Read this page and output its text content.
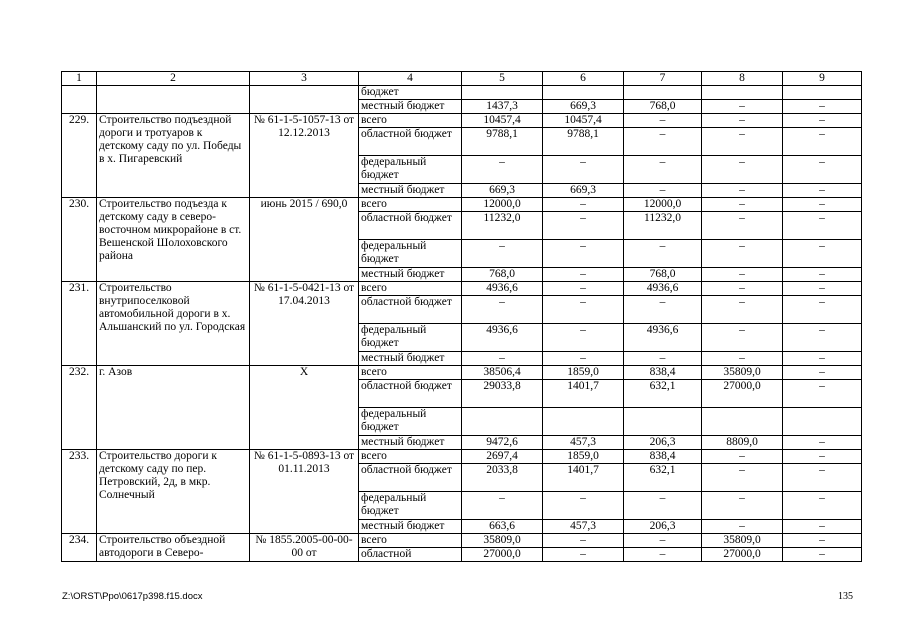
1	2	3	4	5	6	7	8	9
			бюджет					
			местный бюджет	1437,3	669,3	768,0	–	–
229.	Строительство подъездной дороги и тротуаров к детскому саду по ул. Победы в х. Пигаревский	№ 61-1-5-1057-13 от 12.12.2013	всего	10457,4	10457,4	–	–	–
			областной бюджет	9788,1	9788,1	–	–	–
			федеральный бюджет	–	–	–	–	–
			местный бюджет	669,3	669,3	–	–	–
230.	Строительство подъезда к детскому саду в северо-восточном микрорайоне в ст. Вешенской Шолоховского района	июнь 2015 / 690,0	всего	12000,0	–	12000,0	–	–
			областной бюджет	11232,0	–	11232,0	–	–
			федеральный бюджет	–	–	–	–	–
			местный бюджет	768,0	–	768,0	–	–
231.	Строительство внутрипоселковой автомобильной дороги в х. Альшанский по ул. Городская	№ 61-1-5-0421-13 от 17.04.2013	всего	4936,6	–	4936,6	–	–
			областной бюджет	–	–	–	–	–
			федеральный бюджет	4936,6	–	4936,6	–	–
			местный бюджет	–	–	–	–	–
232.	г. Азов	Х	всего	38506,4	1859,0	838,4	35809,0	–
			областной бюджет	29033,8	1401,7	632,1	27000,0	–
			федеральный бюджет					
			местный бюджет	9472,6	457,3	206,3	8809,0	–
233.	Строительство дороги к детскому саду по пер. Петровский, 2д, в мкр. Солнечный	№ 61-1-5-0893-13 от 01.11.2013	всего	2697,4	1859,0	838,4	–	–
			областной бюджет	2033,8	1401,7	632,1	–	–
			федеральный бюджет	–	–	–	–	–
			местный бюджет	663,6	457,3	206,3	–	–
234.	Строительство объездной автодороги в Северо-	№ 1855.2005-00-00-00 от	всего	35809,0	–	–	35809,0	–
			областной	27000,0	–	–	27000,0	–
Z:\ORST\Ppo\0617p398.f15.docx	135
